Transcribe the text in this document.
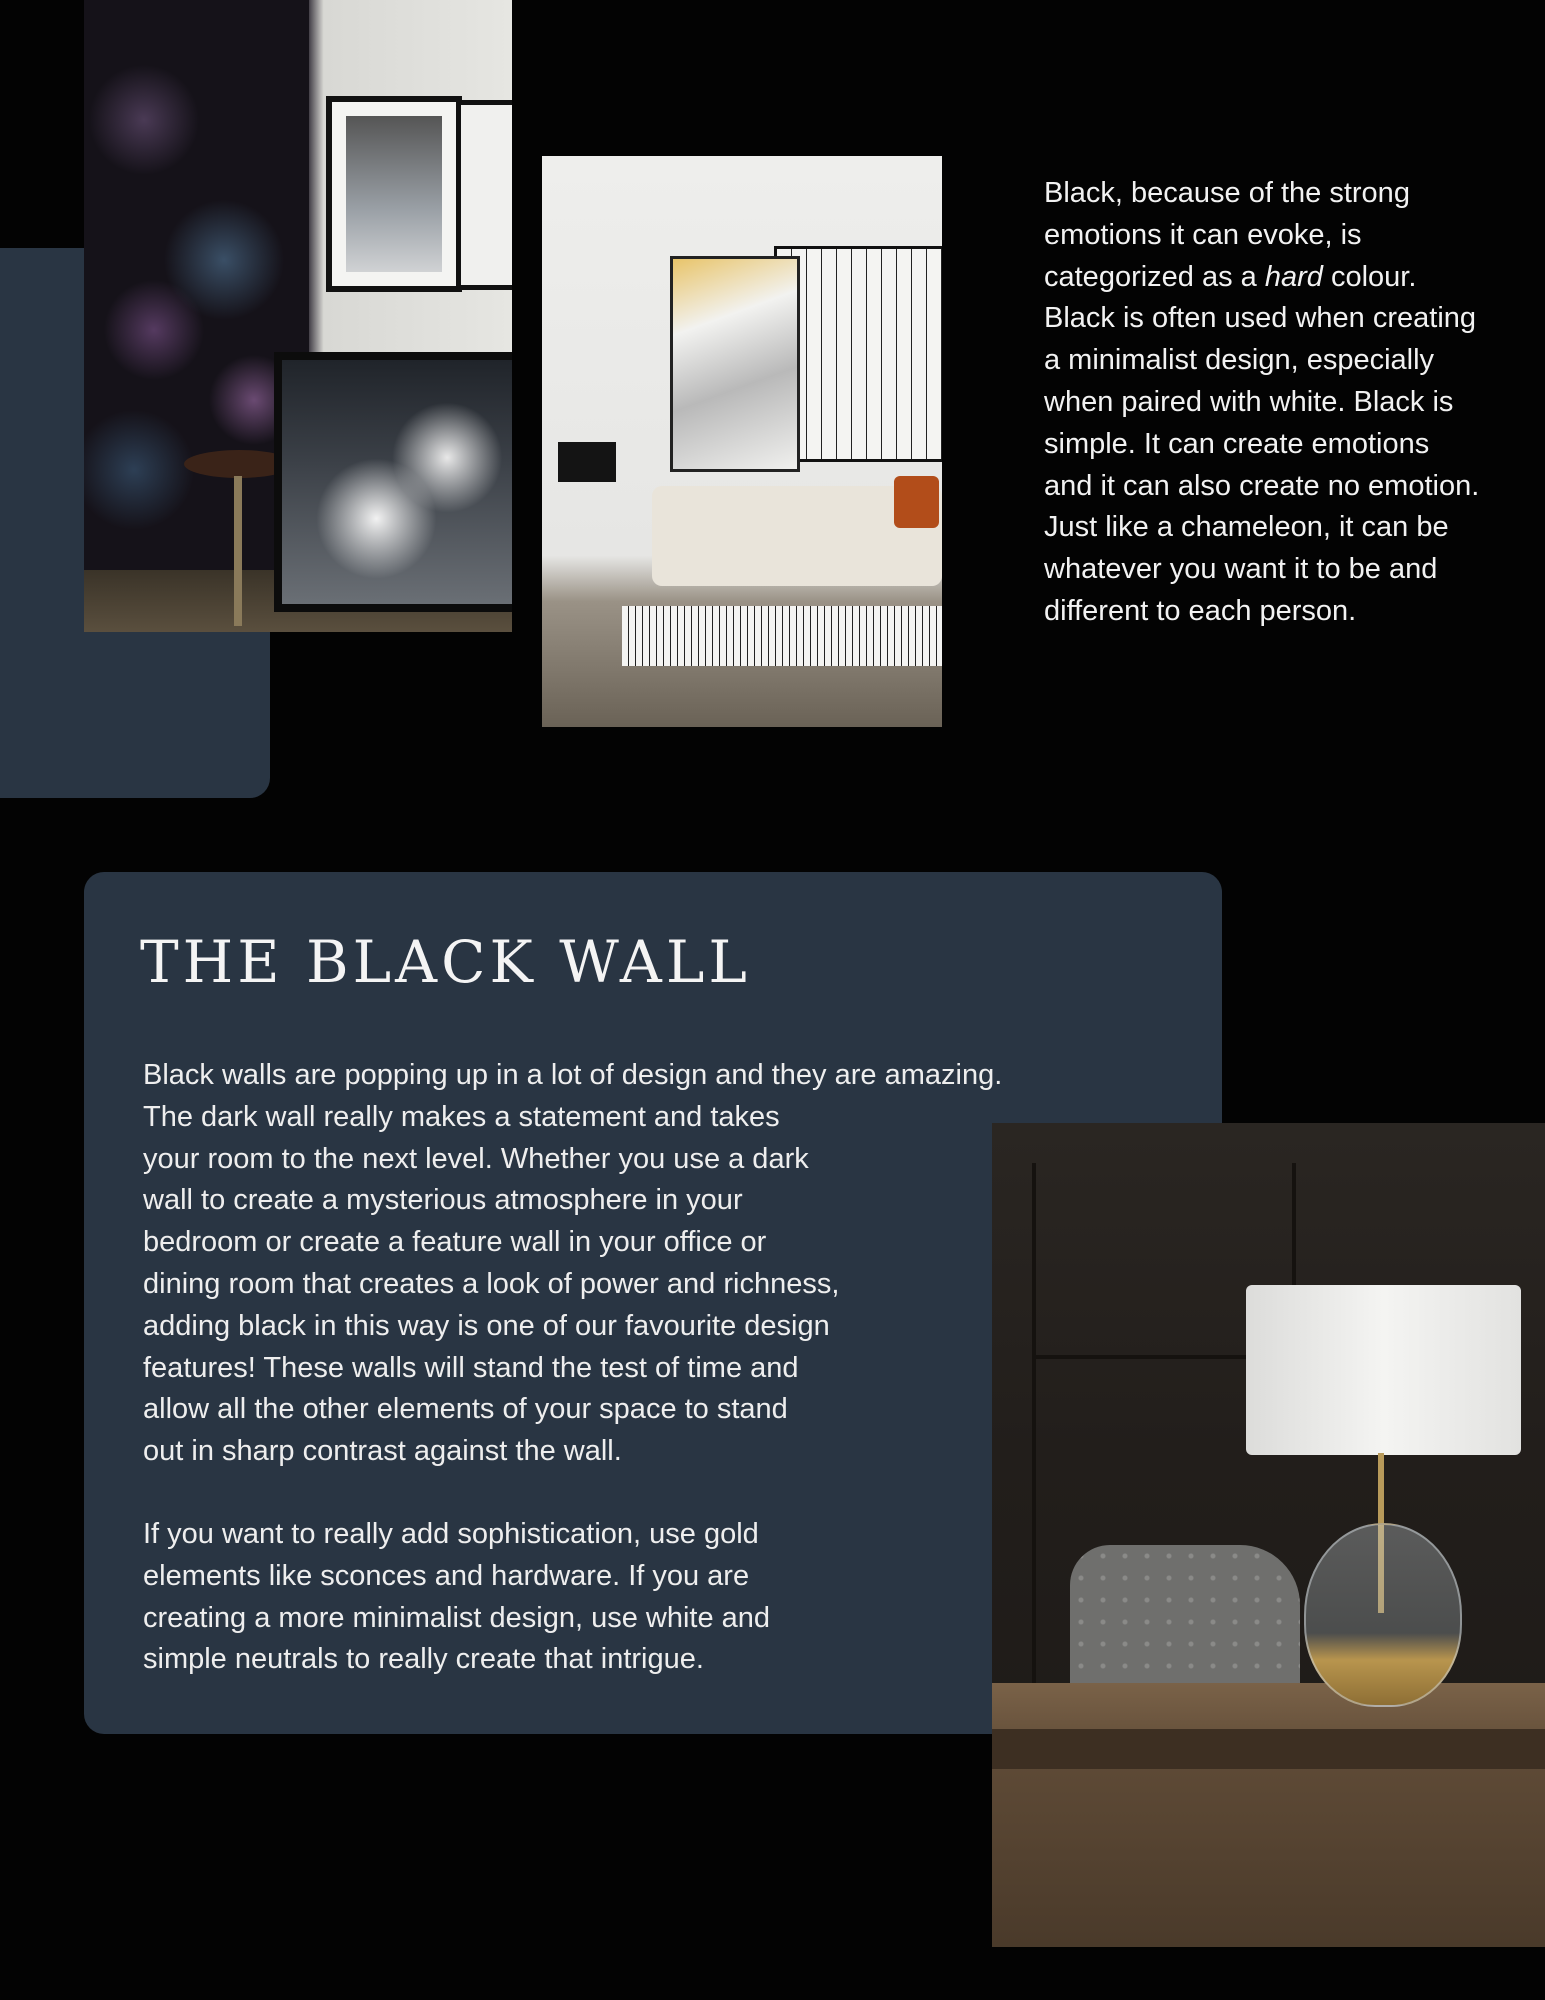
Black, because of the strong emotions it can evoke, is categorized as a hard colour. Black is often used when creating a minimalist design, especially when paired with white. Black is simple. It can create emotions and it can also create no emotion. Just like a chameleon, it can be whatever you want it to be and different to each person.

THE BLACK WALL
Black walls are popping up in a lot of design and they are amazing.
The dark wall really makes a statement and takes
your room to the next level. Whether you use a dark
wall to create a mysterious atmosphere in your
bedroom or create a feature wall in your office or
dining room that creates a look of power and richness,
adding black in this way is one of our favourite design
features! These walls will stand the test of time and
allow all the other elements of your space to stand
out in sharp contrast against the wall.
If you want to really add sophistication, use gold
elements like sconces and hardware. If you are
creating a more minimalist design, use white and
simple neutrals to really create that intrigue.
